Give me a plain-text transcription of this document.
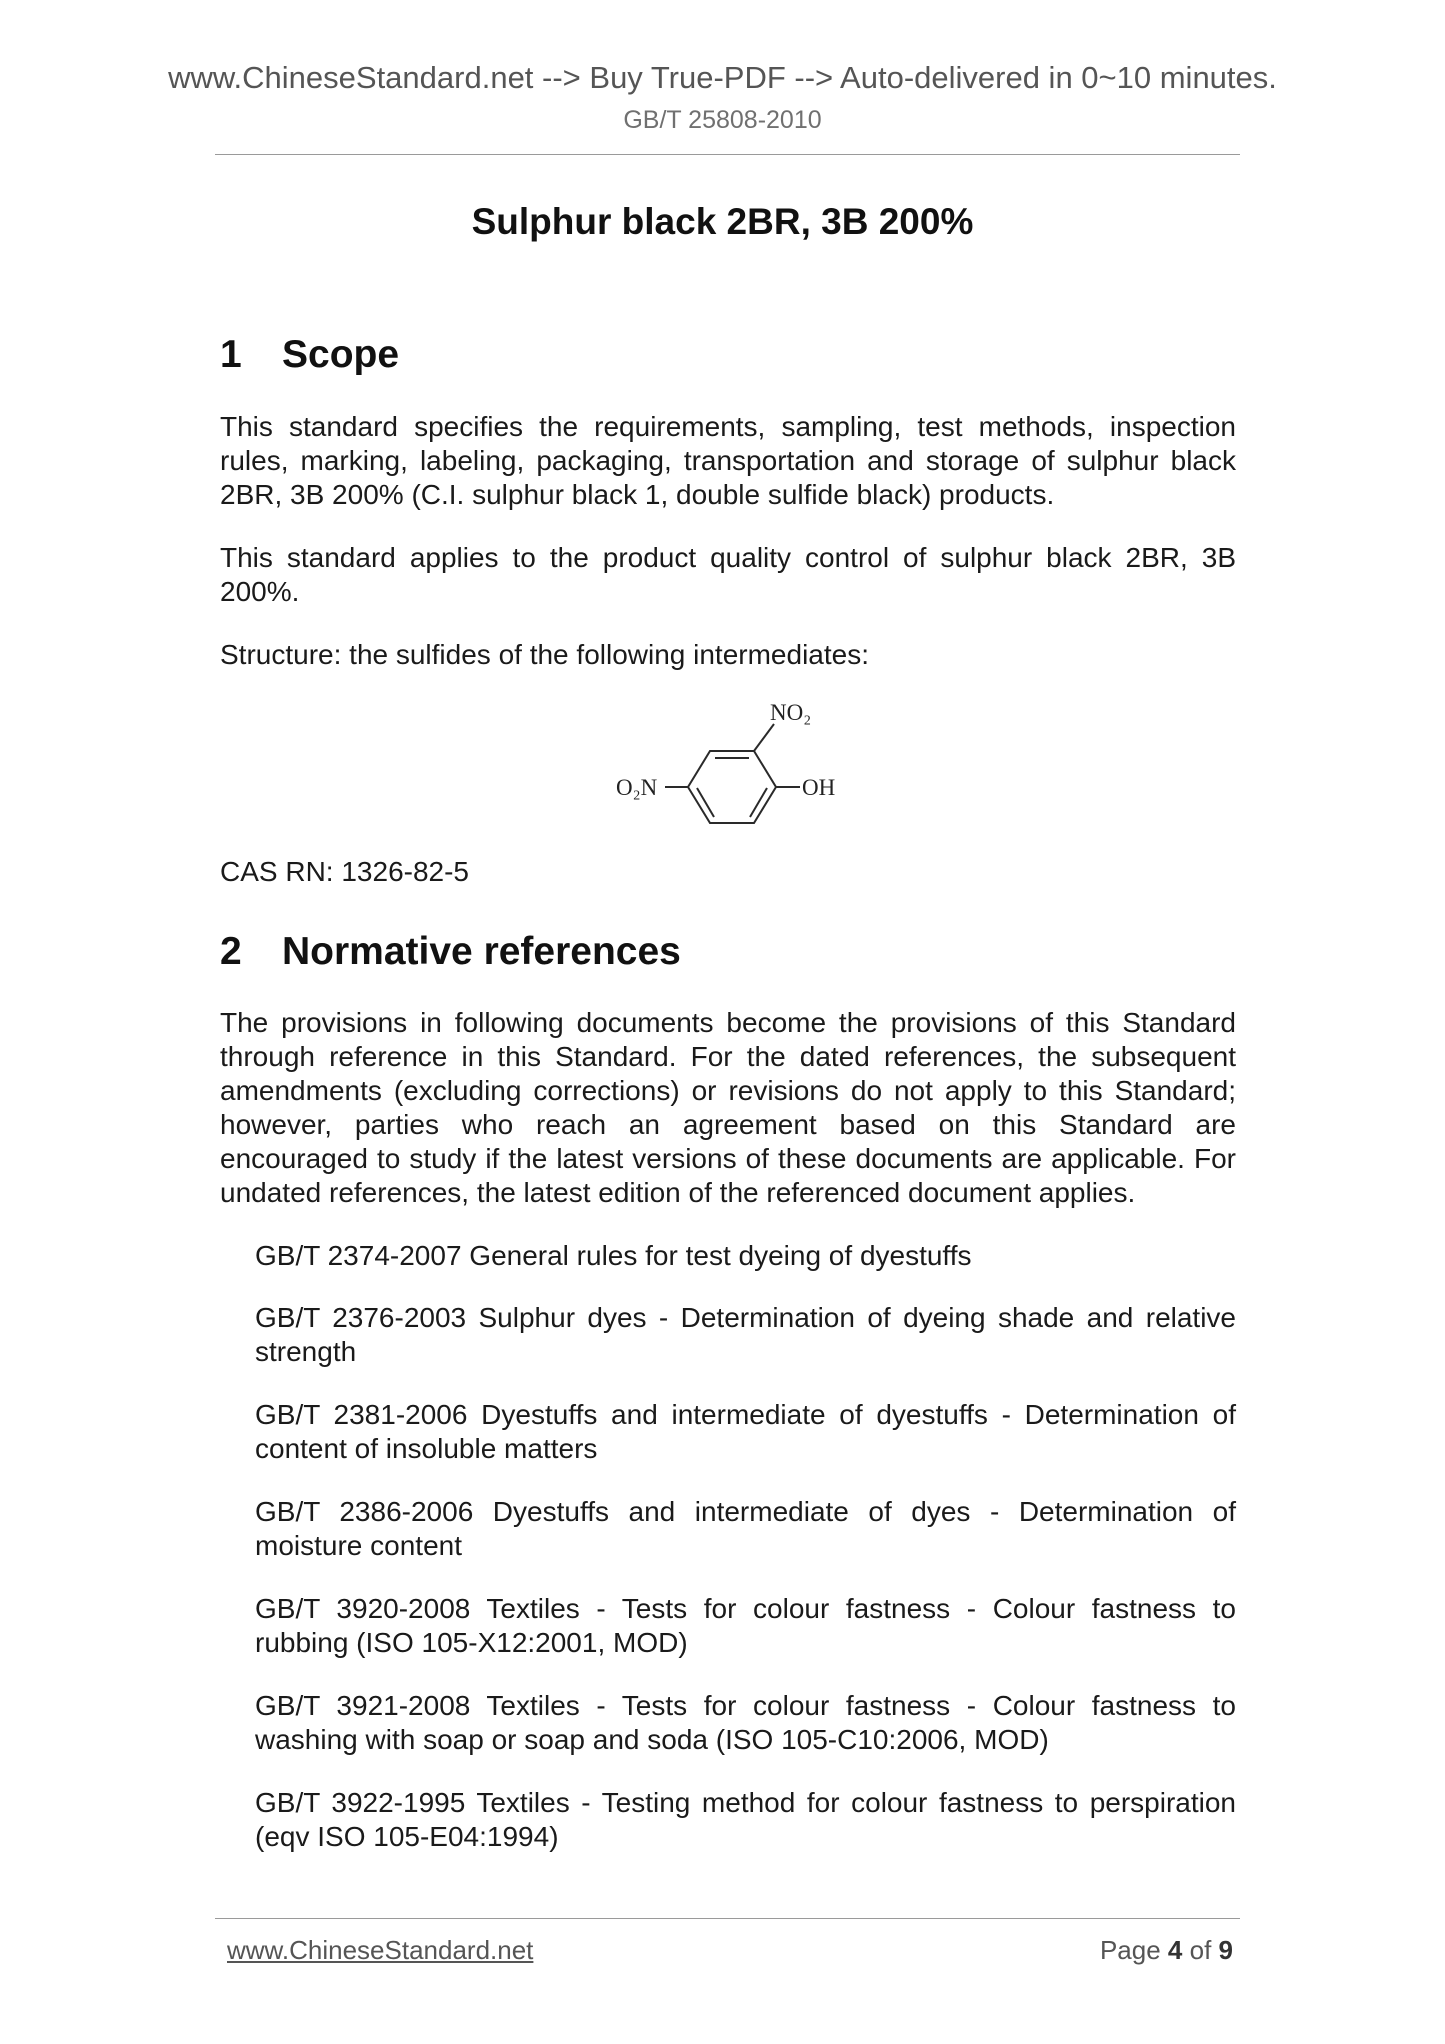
www.ChineseStandard.net --> Buy True-PDF --> Auto-delivered in 0~10 minutes.
GB/T 25808-2010
Sulphur black 2BR, 3B 200%
1 Scope
This standard specifies the requirements, sampling, test methods, inspection rules, marking, labeling, packaging, transportation and storage of sulphur black 2BR, 3B 200% (C.I. sulphur black 1, double sulfide black) products.
This standard applies to the product quality control of sulphur black 2BR, 3B 200%.
Structure: the sulfides of the following intermediates:
CAS RN: 1326-82-5
2 Normative references
The provisions in following documents become the provisions of this Standard through reference in this Standard. For the dated references, the subsequent amendments (excluding corrections) or revisions do not apply to this Standard; however, parties who reach an agreement based on this Standard are encouraged to study if the latest versions of these documents are applicable. For undated references, the latest edition of the referenced document applies.
GB/T 2374-2007 General rules for test dyeing of dyestuffs
GB/T 2376-2003 Sulphur dyes - Determination of dyeing shade and relative strength
GB/T 2381-2006 Dyestuffs and intermediate of dyestuffs - Determination of content of insoluble matters
GB/T 2386-2006 Dyestuffs and intermediate of dyes - Determination of moisture content
GB/T 3920-2008 Textiles - Tests for colour fastness - Colour fastness to rubbing (ISO 105-X12:2001, MOD)
GB/T 3921-2008 Textiles - Tests for colour fastness - Colour fastness to washing with soap or soap and soda (ISO 105-C10:2006, MOD)
GB/T 3922-1995 Textiles - Testing method for colour fastness to perspiration (eqv ISO 105-E04:1994)
NO₂
O₂N	OH
www.ChineseStandard.net	Page 4 of 9
